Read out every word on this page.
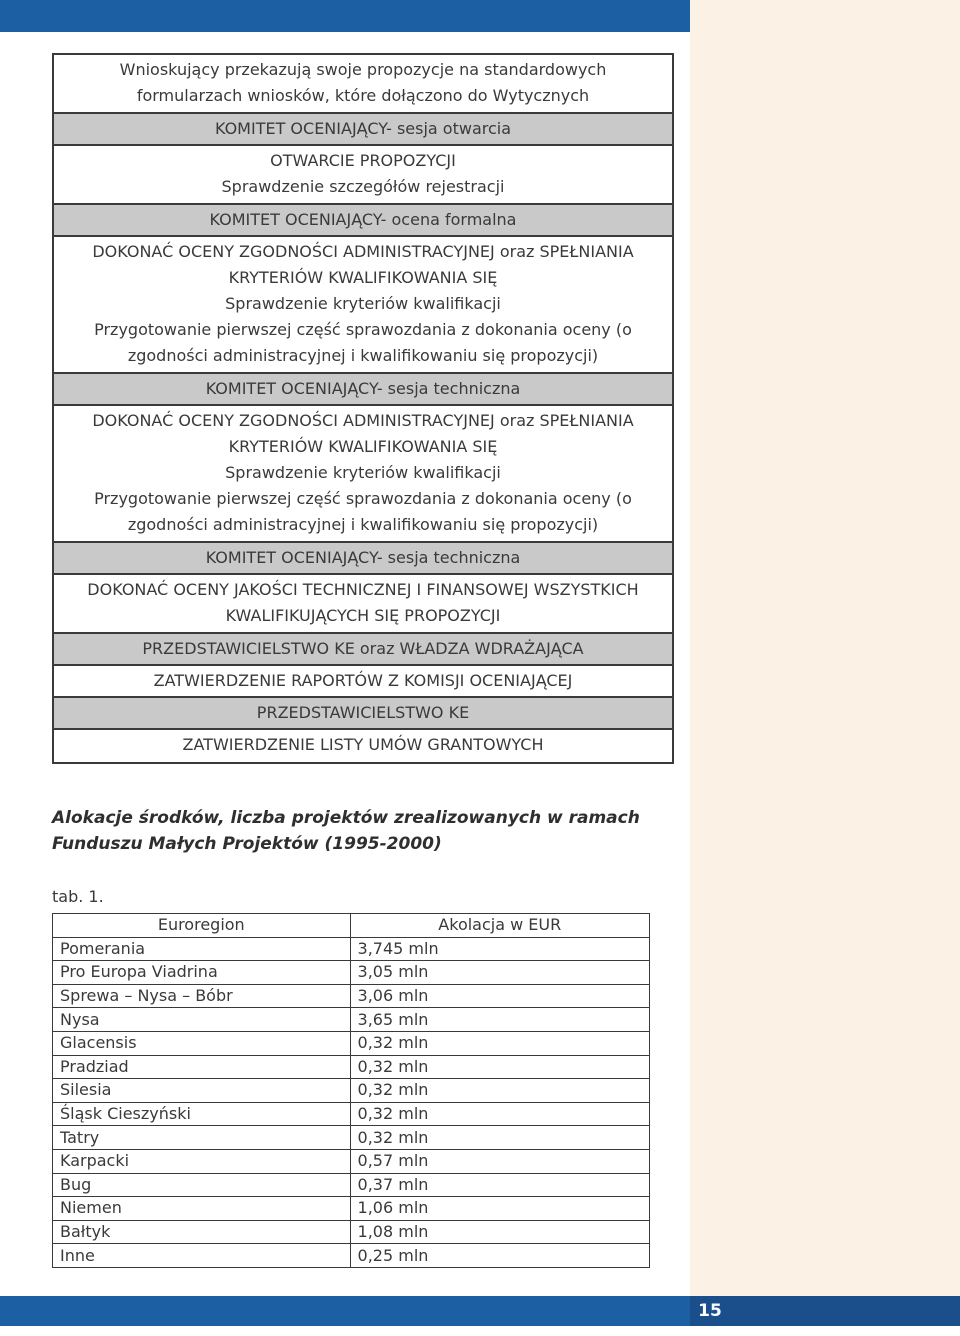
Wnioskujący przekazują swoje propozycje na standardowych
formularzach wniosków, które dołączono do Wytycznych
KOMITET OCENIAJĄCY- sesja otwarcia
OTWARCIE PROPOZYCJI
Sprawdzenie szczegółów rejestracji
KOMITET OCENIAJĄCY- ocena formalna
DOKONAĆ OCENY ZGODNOŚCI ADMINISTRACYJNEJ oraz SPEŁNIANIA
KRYTERIÓW KWALIFIKOWANIA SIĘ
Sprawdzenie kryteriów kwalifikacji
Przygotowanie pierwszej część sprawozdania z dokonania oceny (o
zgodności administracyjnej i kwalifikowaniu się propozycji)
KOMITET OCENIAJĄCY- sesja techniczna
DOKONAĆ OCENY ZGODNOŚCI ADMINISTRACYJNEJ oraz SPEŁNIANIA
KRYTERIÓW KWALIFIKOWANIA SIĘ
Sprawdzenie kryteriów kwalifikacji
Przygotowanie pierwszej część sprawozdania z dokonania oceny (o
zgodności administracyjnej i kwalifikowaniu się propozycji)
KOMITET OCENIAJĄCY- sesja techniczna
DOKONAĆ OCENY JAKOŚCI TECHNICZNEJ I FINANSOWEJ WSZYSTKICH
KWALIFIKUJĄCYCH SIĘ PROPOZYCJI
PRZEDSTAWICIELSTWO KE oraz WŁADZA WDRAŻAJĄCA
ZATWIERDZENIE RAPORTÓW Z KOMISJI OCENIAJĄCEJ
PRZEDSTAWICIELSTWO KE
ZATWIERDZENIE LISTY UMÓW GRANTOWYCH
Alokacje środków, liczba projektów zrealizowanych w ramach
Funduszu Małych Projektów (1995-2000)
tab. 1.
Euroregion	Akolacja w EUR
Pomerania	3,745 mln
Pro Europa Viadrina	3,05 mln
Sprewa – Nysa – Bóbr	3,06 mln
Nysa	3,65 mln
Glacensis	0,32 mln
Pradziad	0,32 mln
Silesia	0,32 mln
Śląsk Cieszyński	0,32 mln
Tatry	0,32 mln
Karpacki	0,57 mln
Bug	0,37 mln
Niemen	1,06 mln
Bałtyk	1,08 mln
Inne	0,25 mln
15
